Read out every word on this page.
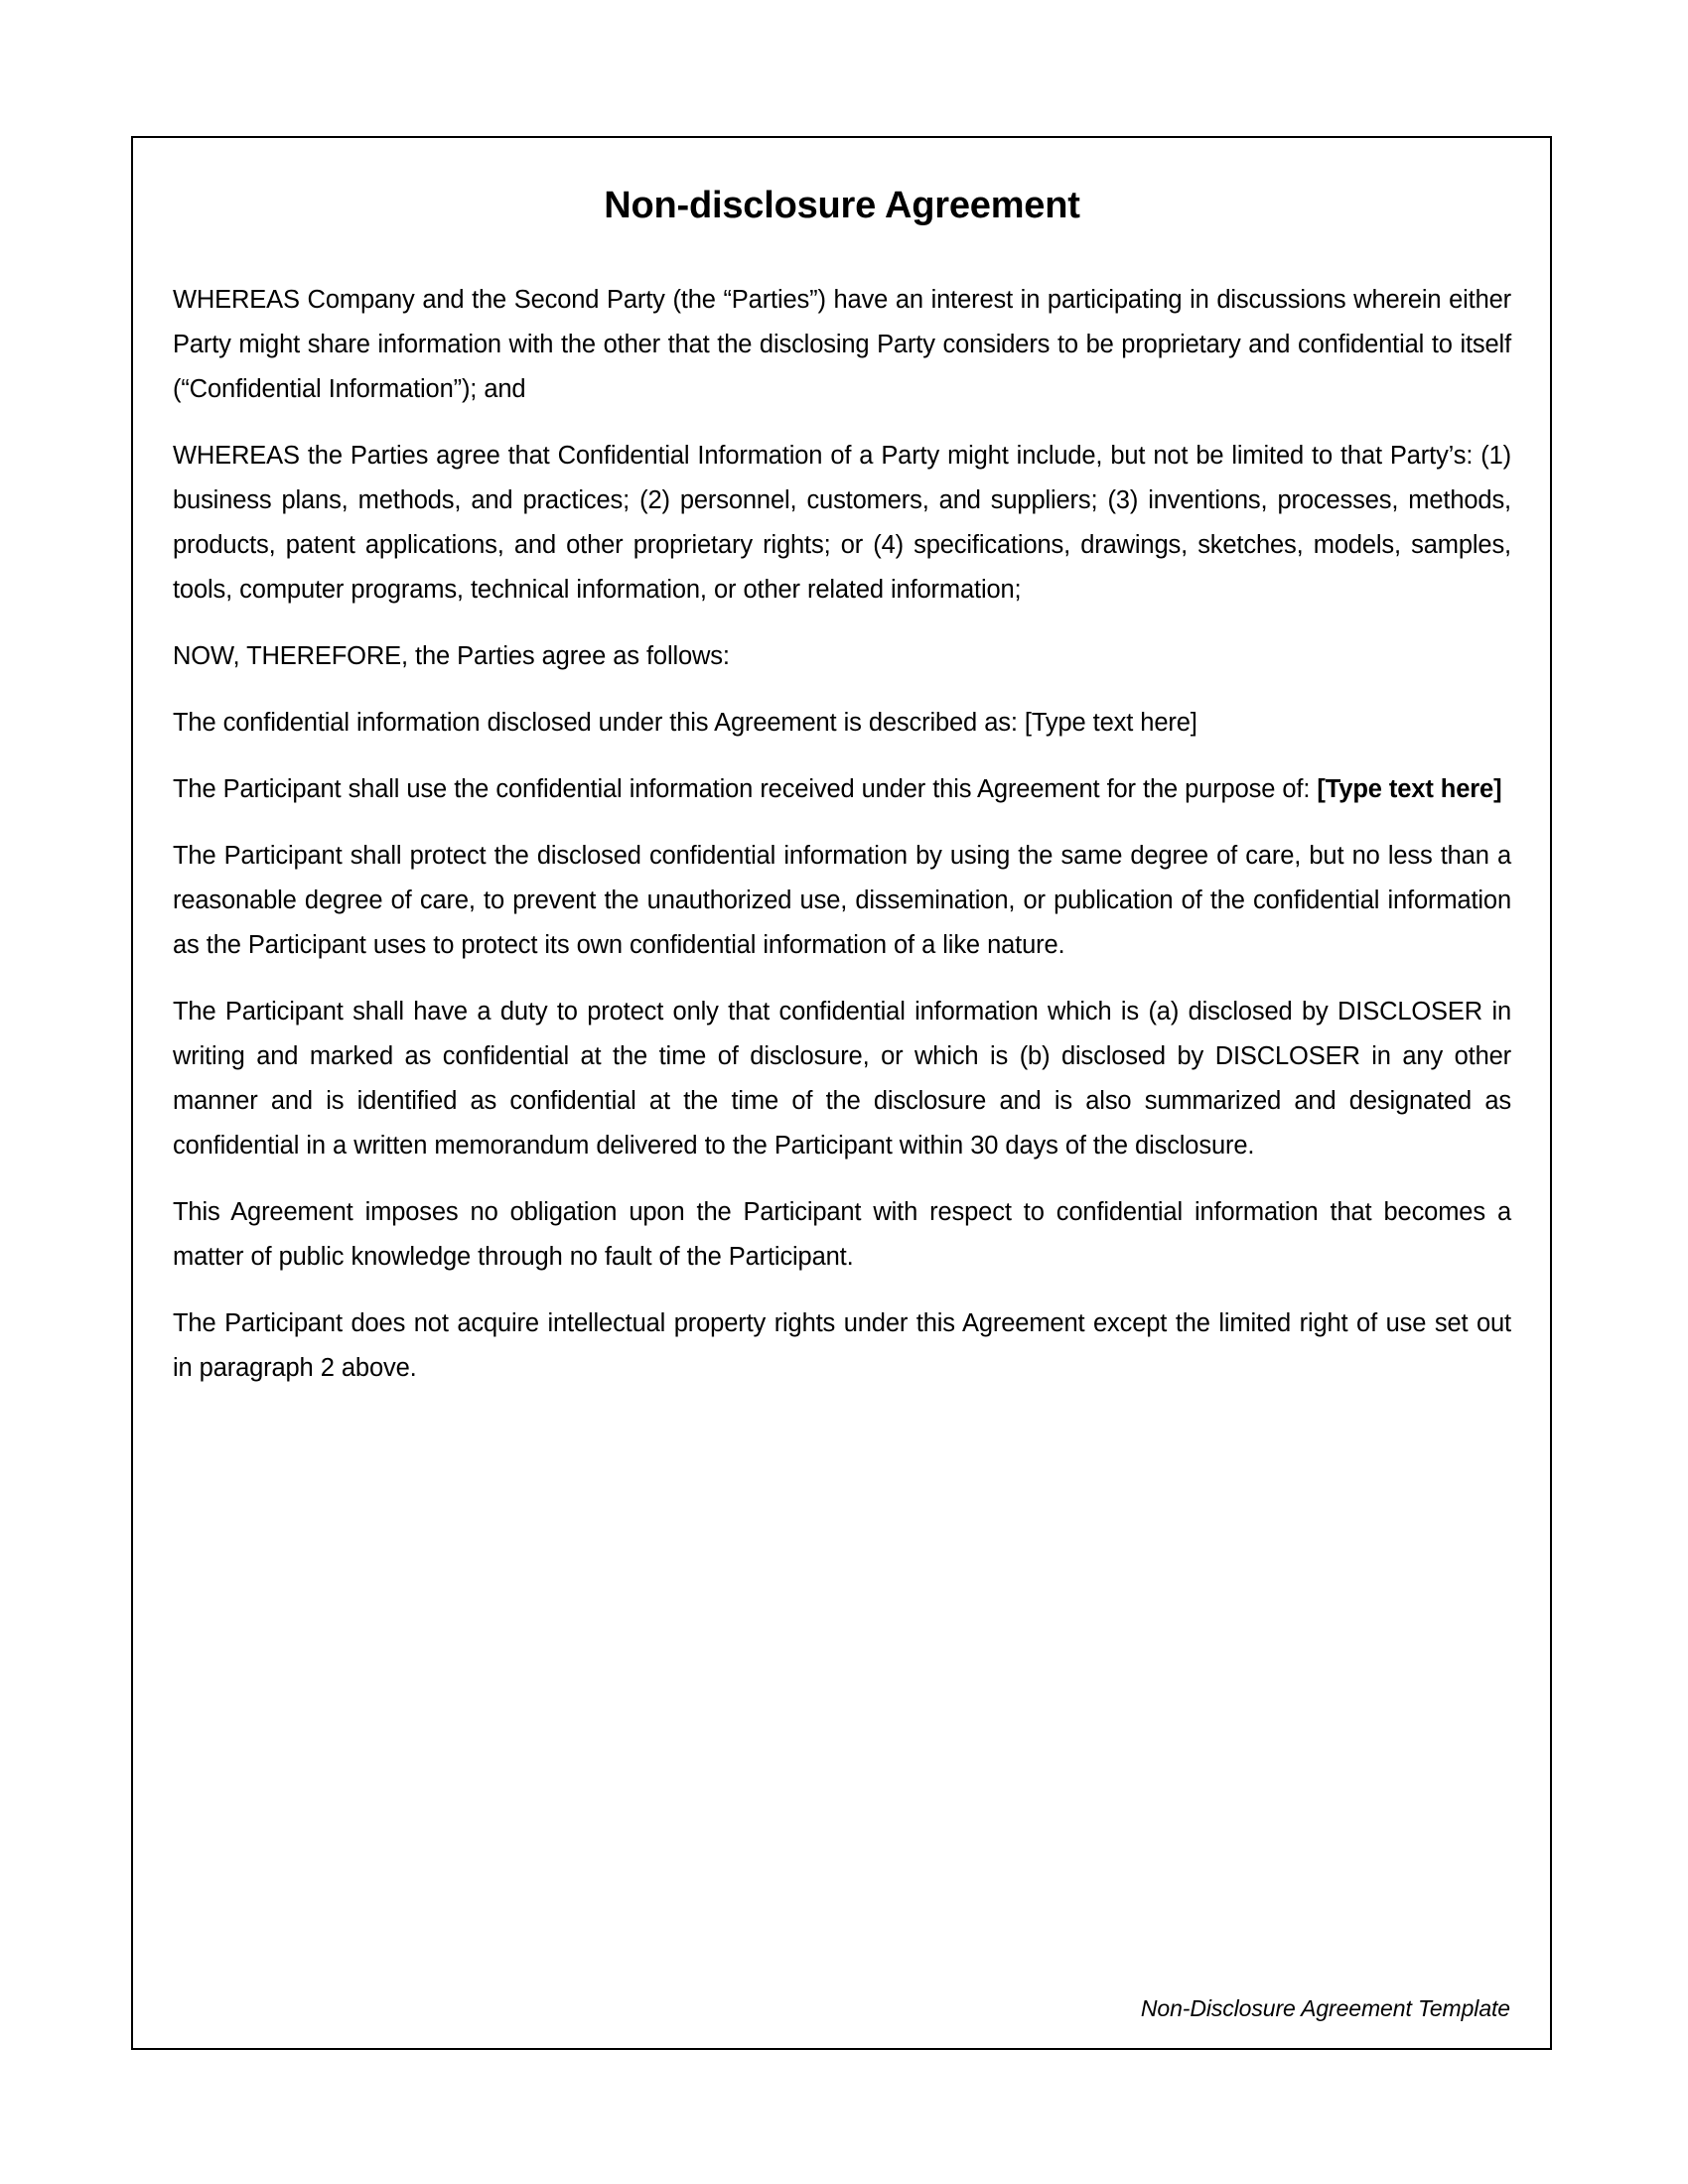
Non-disclosure Agreement

WHEREAS Company and the Second Party (the “Parties”) have an interest in participating in discussions wherein either Party might share information with the other that the disclosing Party considers to be proprietary and confidential to itself (“Confidential Information”); and

WHEREAS the Parties agree that Confidential Information of a Party might include, but not be limited to that Party’s: (1) business plans, methods, and practices; (2) personnel, customers, and suppliers; (3) inventions, processes, methods, products, patent applications, and other proprietary rights; or (4) specifications, drawings, sketches, models, samples, tools, computer programs, technical information, or other related information;

NOW, THEREFORE, the Parties agree as follows:

The confidential information disclosed under this Agreement is described as: [Type text here]

The Participant shall use the confidential information received under this Agreement for the purpose of: [Type text here]

The Participant shall protect the disclosed confidential information by using the same degree of care, but no less than a reasonable degree of care, to prevent the unauthorized use, dissemination, or publication of the confidential information as the Participant uses to protect its own confidential information of a like nature.

The Participant shall have a duty to protect only that confidential information which is (a) disclosed by DISCLOSER in writing and marked as confidential at the time of disclosure, or which is (b) disclosed by DISCLOSER in any other manner and is identified as confidential at the time of the disclosure and is also summarized and designated as confidential in a written memorandum delivered to the Participant within 30 days of the disclosure.

This Agreement imposes no obligation upon the Participant with respect to confidential information that becomes a matter of public knowledge through no fault of the Participant.

The Participant does not acquire intellectual property rights under this Agreement except the limited right of use set out in paragraph 2 above.

Non-Disclosure Agreement Template
